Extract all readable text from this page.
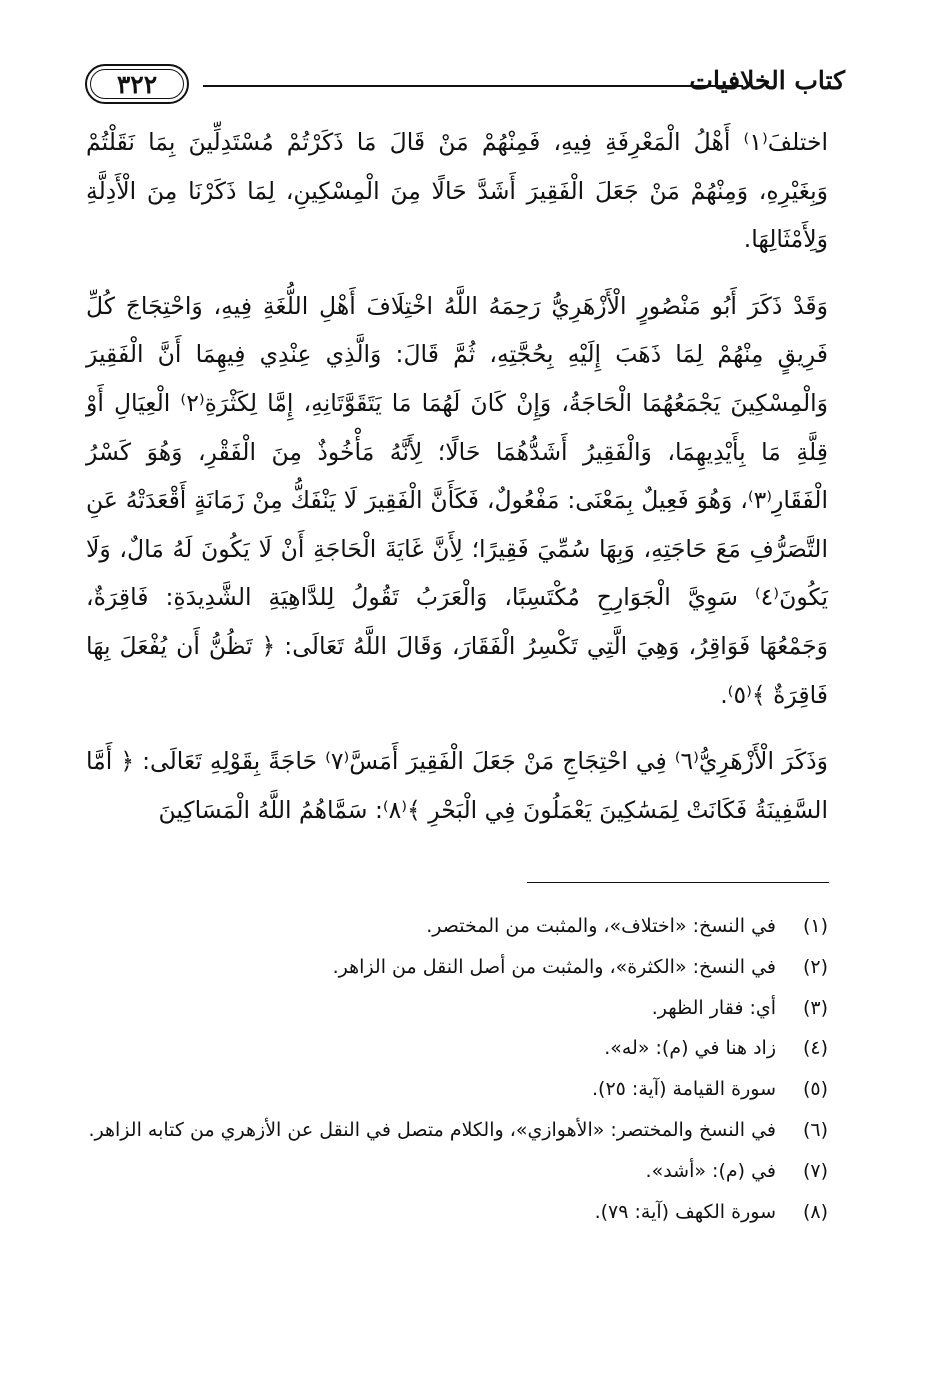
٣٢٢	كتاب الخلافيات

اختلفَ⁽١⁾ أَهْلُ الْمَعْرِفَةِ فِيهِ، فَمِنْهُمْ مَنْ قَالَ مَا ذَكَرْتُمْ مُسْتَدِلِّينَ بِمَا نَقَلْتُمْ وَبِغَيْرِهِ، وَمِنْهُمْ مَنْ جَعَلَ الْفَقِيرَ أَشَدَّ حَالًا مِنَ الْمِسْكِينِ، لِمَا ذَكَرْنَا مِنَ الْأَدِلَّةِ وَلِأَمْثَالِهَا.

وَقَدْ ذَكَرَ أَبُو مَنْصُورٍ الْأَزْهَرِيُّ رَحِمَهُ اللَّهُ اخْتِلَافَ أَهْلِ اللُّغَةِ فِيهِ، وَاحْتِجَاجَ كُلِّ فَرِيقٍ مِنْهُمْ لِمَا ذَهَبَ إِلَيْهِ بِحُجَّتِهِ، ثُمَّ قَالَ: وَالَّذِي عِنْدِي فِيهِمَا أَنَّ الْفَقِيرَ وَالْمِسْكِينَ يَجْمَعُهُمَا الْحَاجَةُ، وَإِنْ كَانَ لَهُمَا مَا يَتَقَوَّتَانِهِ، إِمَّا لِكَثْرَةِ⁽٢⁾ الْعِيَالِ أَوْ قِلَّةِ مَا بِأَيْدِيهِمَا، وَالْفَقِيرُ أَشَدُّهُمَا حَالًا؛ لِأَنَّهُ مَأْخُوذٌ مِنَ الْفَقْرِ، وَهُوَ كَسْرُ الْفَقَارِ⁽٣⁾، وَهُوَ فَعِيلٌ بِمَعْنَى: مَفْعُولٌ، فَكَأَنَّ الْفَقِيرَ لَا يَنْفَكُّ مِنْ زَمَانَةٍ أَقْعَدَتْهُ عَنِ التَّصَرُّفِ مَعَ حَاجَتِهِ، وَبِهَا سُمِّيَ فَقِيرًا؛ لِأَنَّ غَايَةَ الْحَاجَةِ أَنْ لَا يَكُونَ لَهُ مَالٌ، وَلَا يَكُونَ⁽٤⁾ سَوِيَّ الْجَوَارِحِ مُكْتَسِبًا، وَالْعَرَبُ تَقُولُ لِلدَّاهِيَةِ الشَّدِيدَةِ: فَاقِرَةٌ، وَجَمْعُهَا فَوَاقِرُ، وَهِيَ الَّتِي تَكْسِرُ الْفَقَارَ، وَقَالَ اللَّهُ تَعَالَى: ﴿ تَظُنُّ أَن يُفْعَلَ بِهَا فَاقِرَةٌ ﴾⁽٥⁾.

وَذَكَرَ الْأَزْهَرِيُّ⁽٦⁾ فِي احْتِجَاجِ مَنْ جَعَلَ الْفَقِيرَ أَمَسَّ⁽٧⁾ حَاجَةً بِقَوْلِهِ تَعَالَى: ﴿ أَمَّا السَّفِينَةُ فَكَانَتْ لِمَسَٰكِينَ يَعْمَلُونَ فِي الْبَحْرِ ﴾⁽٨⁾: سَمَّاهُمُ اللَّهُ الْمَسَاكِينَ

(١)
في النسخ: «اختلاف»، والمثبت من المختصر.
(٢)
في النسخ: «الكثرة»، والمثبت من أصل النقل من الزاهر.
(٣)
أي: فقار الظهر.
(٤)
زاد هنا في (م): «له».
(٥)
سورة القيامة (آية: ٢٥).
(٦)
في النسخ والمختصر: «الأهوازي»، والكلام متصل في النقل عن الأزهري من كتابه الزاهر.
(٧)
في (م): «أشد».
(٨)
سورة الكهف (آية: ٧٩).
